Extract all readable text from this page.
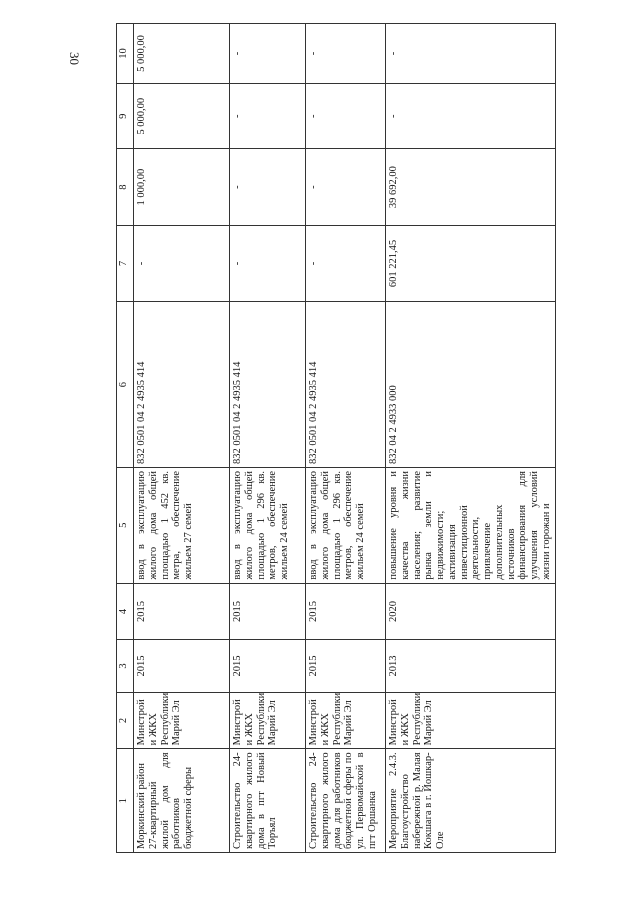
30
1	2	3	4	5	6	7	8	9	10

Моркинский район 27-квартирный жилой дом для работников бюджетной сферы	Минстрой и ЖКХ Республики Марий Эл	2015	2015	ввод в эксплуатацию жилого дома общей площадью 1 452 кв. метра, обеспечение жильем 27 семей	832 0501 04 2 4935 414	-	1 000,00	5 000,00	5 000,00
Строительство 24-квартирного жилого дома в пгт Новый Торъял	Минстрой и ЖКХ Республики Марий Эл	2015	2015	ввод в эксплуатацию жилого дома общей площадью 1 296 кв. метров, обеспечение жильем 24 семей	832 0501 04 2 4935 414	-	-	-	-
Строительство 24-квартирного жилого дома для работников бюджетной сферы по ул. Первомайской в пгт Оршанка	Минстрой и ЖКХ Республики Марий Эл	2015	2015	ввод в эксплуатацию жилого дома общей площадью 1 296 кв. метров, обеспечение жильем 24 семей	832 0501 04 2 4935 414	-	-	-	-
Мероприятие 2.4.3. Благоустройство набережной р. Малая Кокшага в г. Йошкар-Оле	Минстрой и ЖКХ Республики Марий Эл	2013	2020	повышение уровня и качества жизни населения; развитие рынка земли и недвижимости; активизация инвестиционной деятельности, привлечение дополнительных источников финансирования для улучшения условий жизни горожан и	832 04 2 4933 000	601 221,45	39 692,00	-	-
